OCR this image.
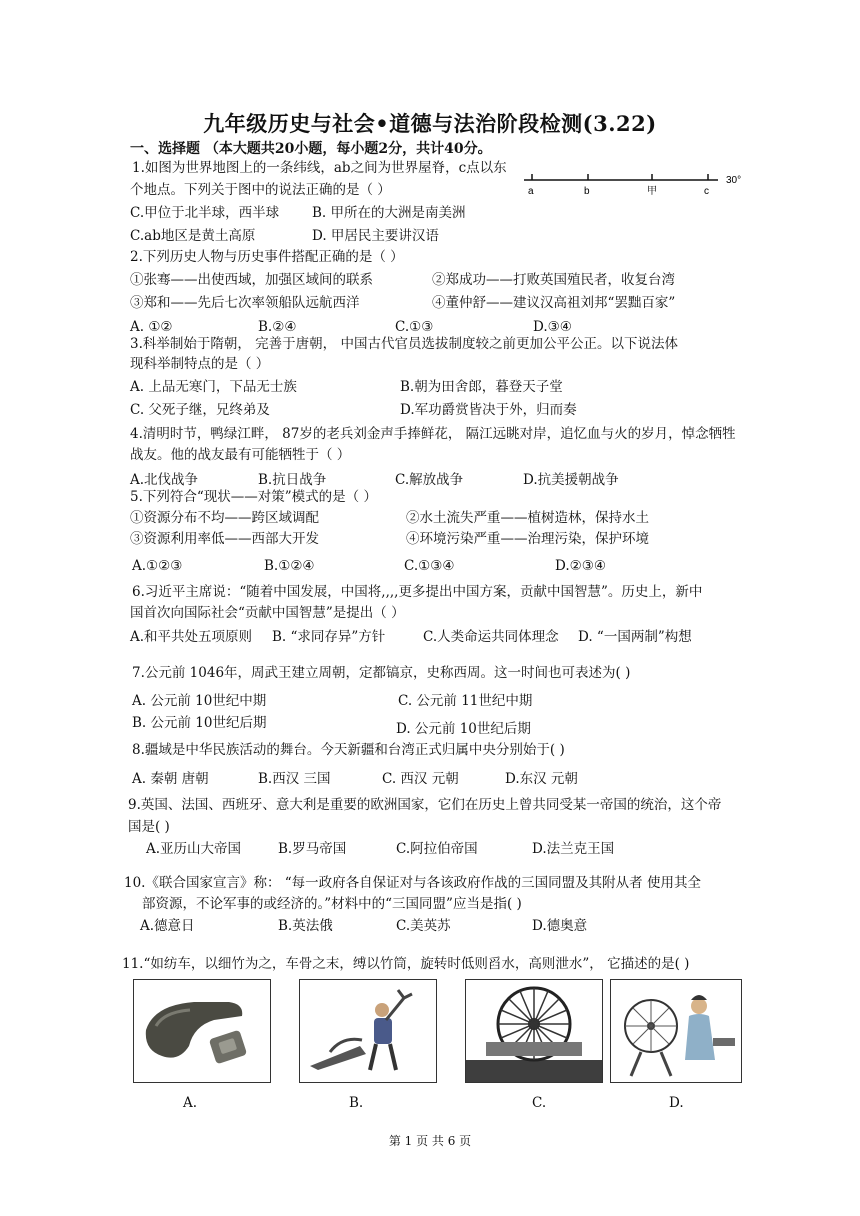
九年级历史与社会•道德与法治阶段检测(3.22)
一、选择题 （本大题共20小题，每小题2分，共计40分。
1.如图为世界地图上的一条纬线，ab之间为世界屋脊，c点以东
个地点。下列关于图中的说法正确的是（ ）	a	b	甲	c
30°
C.甲位于北半球，西半球 B. 甲所在的大洲是南美洲
C.ab地区是黄土高原	D. 甲居民主要讲汉语
2.下列历史人物与历史事件搭配正确的是（ ）
①张骞——出使西域，加强区域间的联系	②郑成功——打败英国殖民者，收复台湾
③郑和——先后七次率领船队远航西洋	④董仲舒——建议汉高祖刘邦“罢黜百家”
A. ①②	B.②④	C.①③	D.③④
3.科举制始于隋朝， 完善于唐朝， 中国古代官员选拔制度较之前更加公平公正。以下说法体
现科举制特点的是（ ）
A. 上品无寒门，下品无士族	B.朝为田舍郎，暮登天子堂
C. 父死子继，兄终弟及	D.军功爵赏皆决于外，归而奏
4.清明时节，鸭绿江畔， 87岁的老兵刘金声手捧鲜花， 隔江远眺对岸，追忆血与火的岁月，悼念牺牲
战友。他的战友最有可能牺牲于（ ）
A.北伐战争	B.抗日战争	C.解放战争	D.抗美援朝战争
5.下列符合“现状——对策”模式的是（ ）
①资源分布不均——跨区域调配	②水土流失严重——植树造林，保持水土
③资源利用率低——西部大开发	④环境污染严重——治理污染，保护环境
A.①②③	B.①②④	C.①③④	D.②③④
6.习近平主席说：“随着中国发展，中国将,,,,更多提出中国方案，贡献中国智慧”。历史上，新中
国首次向国际社会“贡献中国智慧”是提出（ ）
A.和平共处五项原则 B. “求同存异”方针	C.人类命运共同体理念 D. “一国两制”构想
7.公元前 1046年，周武王建立周朝，定都镐京，史称西周。这一时间也可表述为( )
A. 公元前 10世纪中期	C. 公元前 11世纪中期
B. 公元前 10世纪后期	D. 公元前 10世纪后期
8.疆域是中华民族活动的舞台。今天新疆和台湾正式归属中央分别始于( )
A. 秦朝 唐朝	B.西汉 三国	C. 西汉 元朝	D.东汉 元朝
9.英国、法国、西班牙、意大利是重要的欧洲国家，它们在历史上曾共同受某一帝国的统治，这个帝
国是( )
A.亚历山大帝国	B.罗马帝国	C.阿拉伯帝国	D.法兰克王国
10.《联合国家宣言》称： “每一政府各自保证对与各该政府作战的三国同盟及其附从者 使用其全
部资源，不论军事的或经济的。”材料中的“三国同盟”应当是指( )
A.德意日	B.英法俄	C.美英苏	D.德奥意
11.“如纺车，以细竹为之，车骨之末，缚以竹筒，旋转时低则舀水，高则泄水”， 它描述的是( )
A.	B.	C.	D.
第 1 页 共 6 页
